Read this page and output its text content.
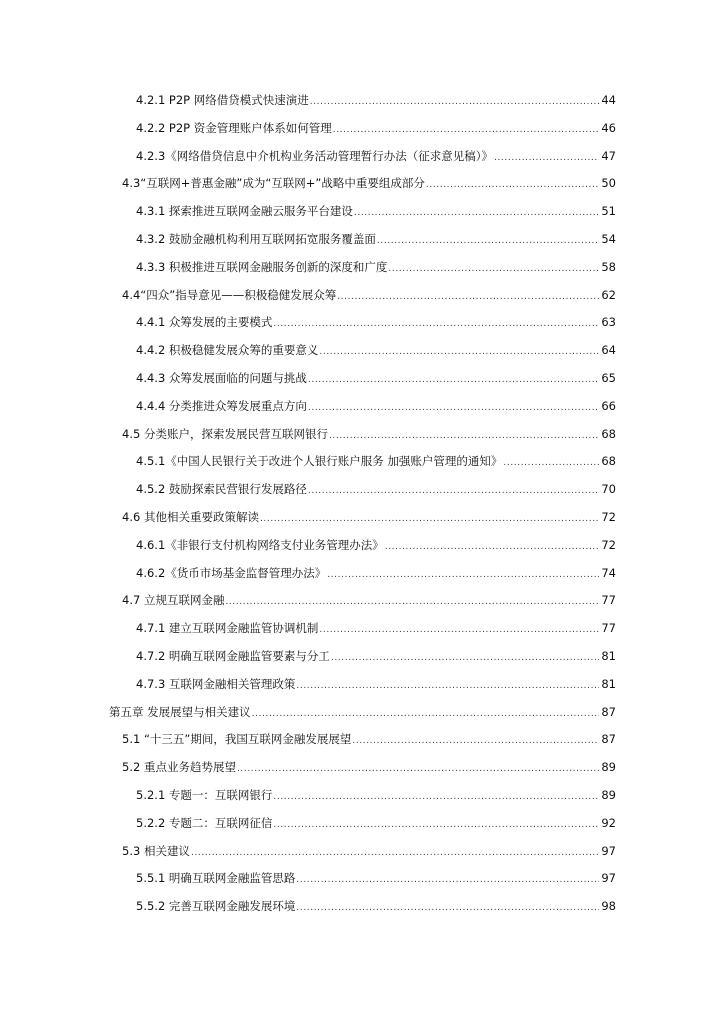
4.2.1 P2P 网络借贷模式快速演进 .....	44
4.2.2 P2P 资金管理账户体系如何管理 .....	46
4.2.3《网络借贷信息中介机构业务活动管理暂行办法（征求意见稿）》 .....	47
4.3“互联网+普惠金融”成为“互联网+”战略中重要组成部分 .....	50
4.3.1 探索推进互联网金融云服务平台建设 .....	51
4.3.2 鼓励金融机构利用互联网拓宽服务覆盖面 .....	54
4.3.3 积极推进互联网金融服务创新的深度和广度 .....	58
4.4“四众”指导意见——积极稳健发展众筹 .....	62
4.4.1 众筹发展的主要模式 .....	63
4.4.2 积极稳健发展众筹的重要意义 .....	64
4.4.3 众筹发展面临的问题与挑战 .....	65
4.4.4 分类推进众筹发展重点方向 .....	66
4.5 分类账户，探索发展民营互联网银行 .....	68
4.5.1《中国人民银行关于改进个人银行账户服务 加强账户管理的通知》 .....	68
4.5.2 鼓励探索民营银行发展路径 .....	70
4.6 其他相关重要政策解读 .....	72
4.6.1《非银行支付机构网络支付业务管理办法》 .....	72
4.6.2《货币市场基金监督管理办法》 .....	74
4.7 立规互联网金融 .....	77
4.7.1 建立互联网金融监管协调机制 .....	77
4.7.2 明确互联网金融监管要素与分工 .....	81
4.7.3 互联网金融相关管理政策 .....	81
第五章 发展展望与相关建议 .....	87
5.1 “十三五”期间，我国互联网金融发展展望 .....	87
5.2 重点业务趋势展望 .....	89
5.2.1 专题一：互联网银行 .....	89
5.2.2 专题二：互联网征信 .....	92
5.3 相关建议 .....	97
5.5.1 明确互联网金融监管思路 .....	97
5.5.2 完善互联网金融发展环境 .....	98
